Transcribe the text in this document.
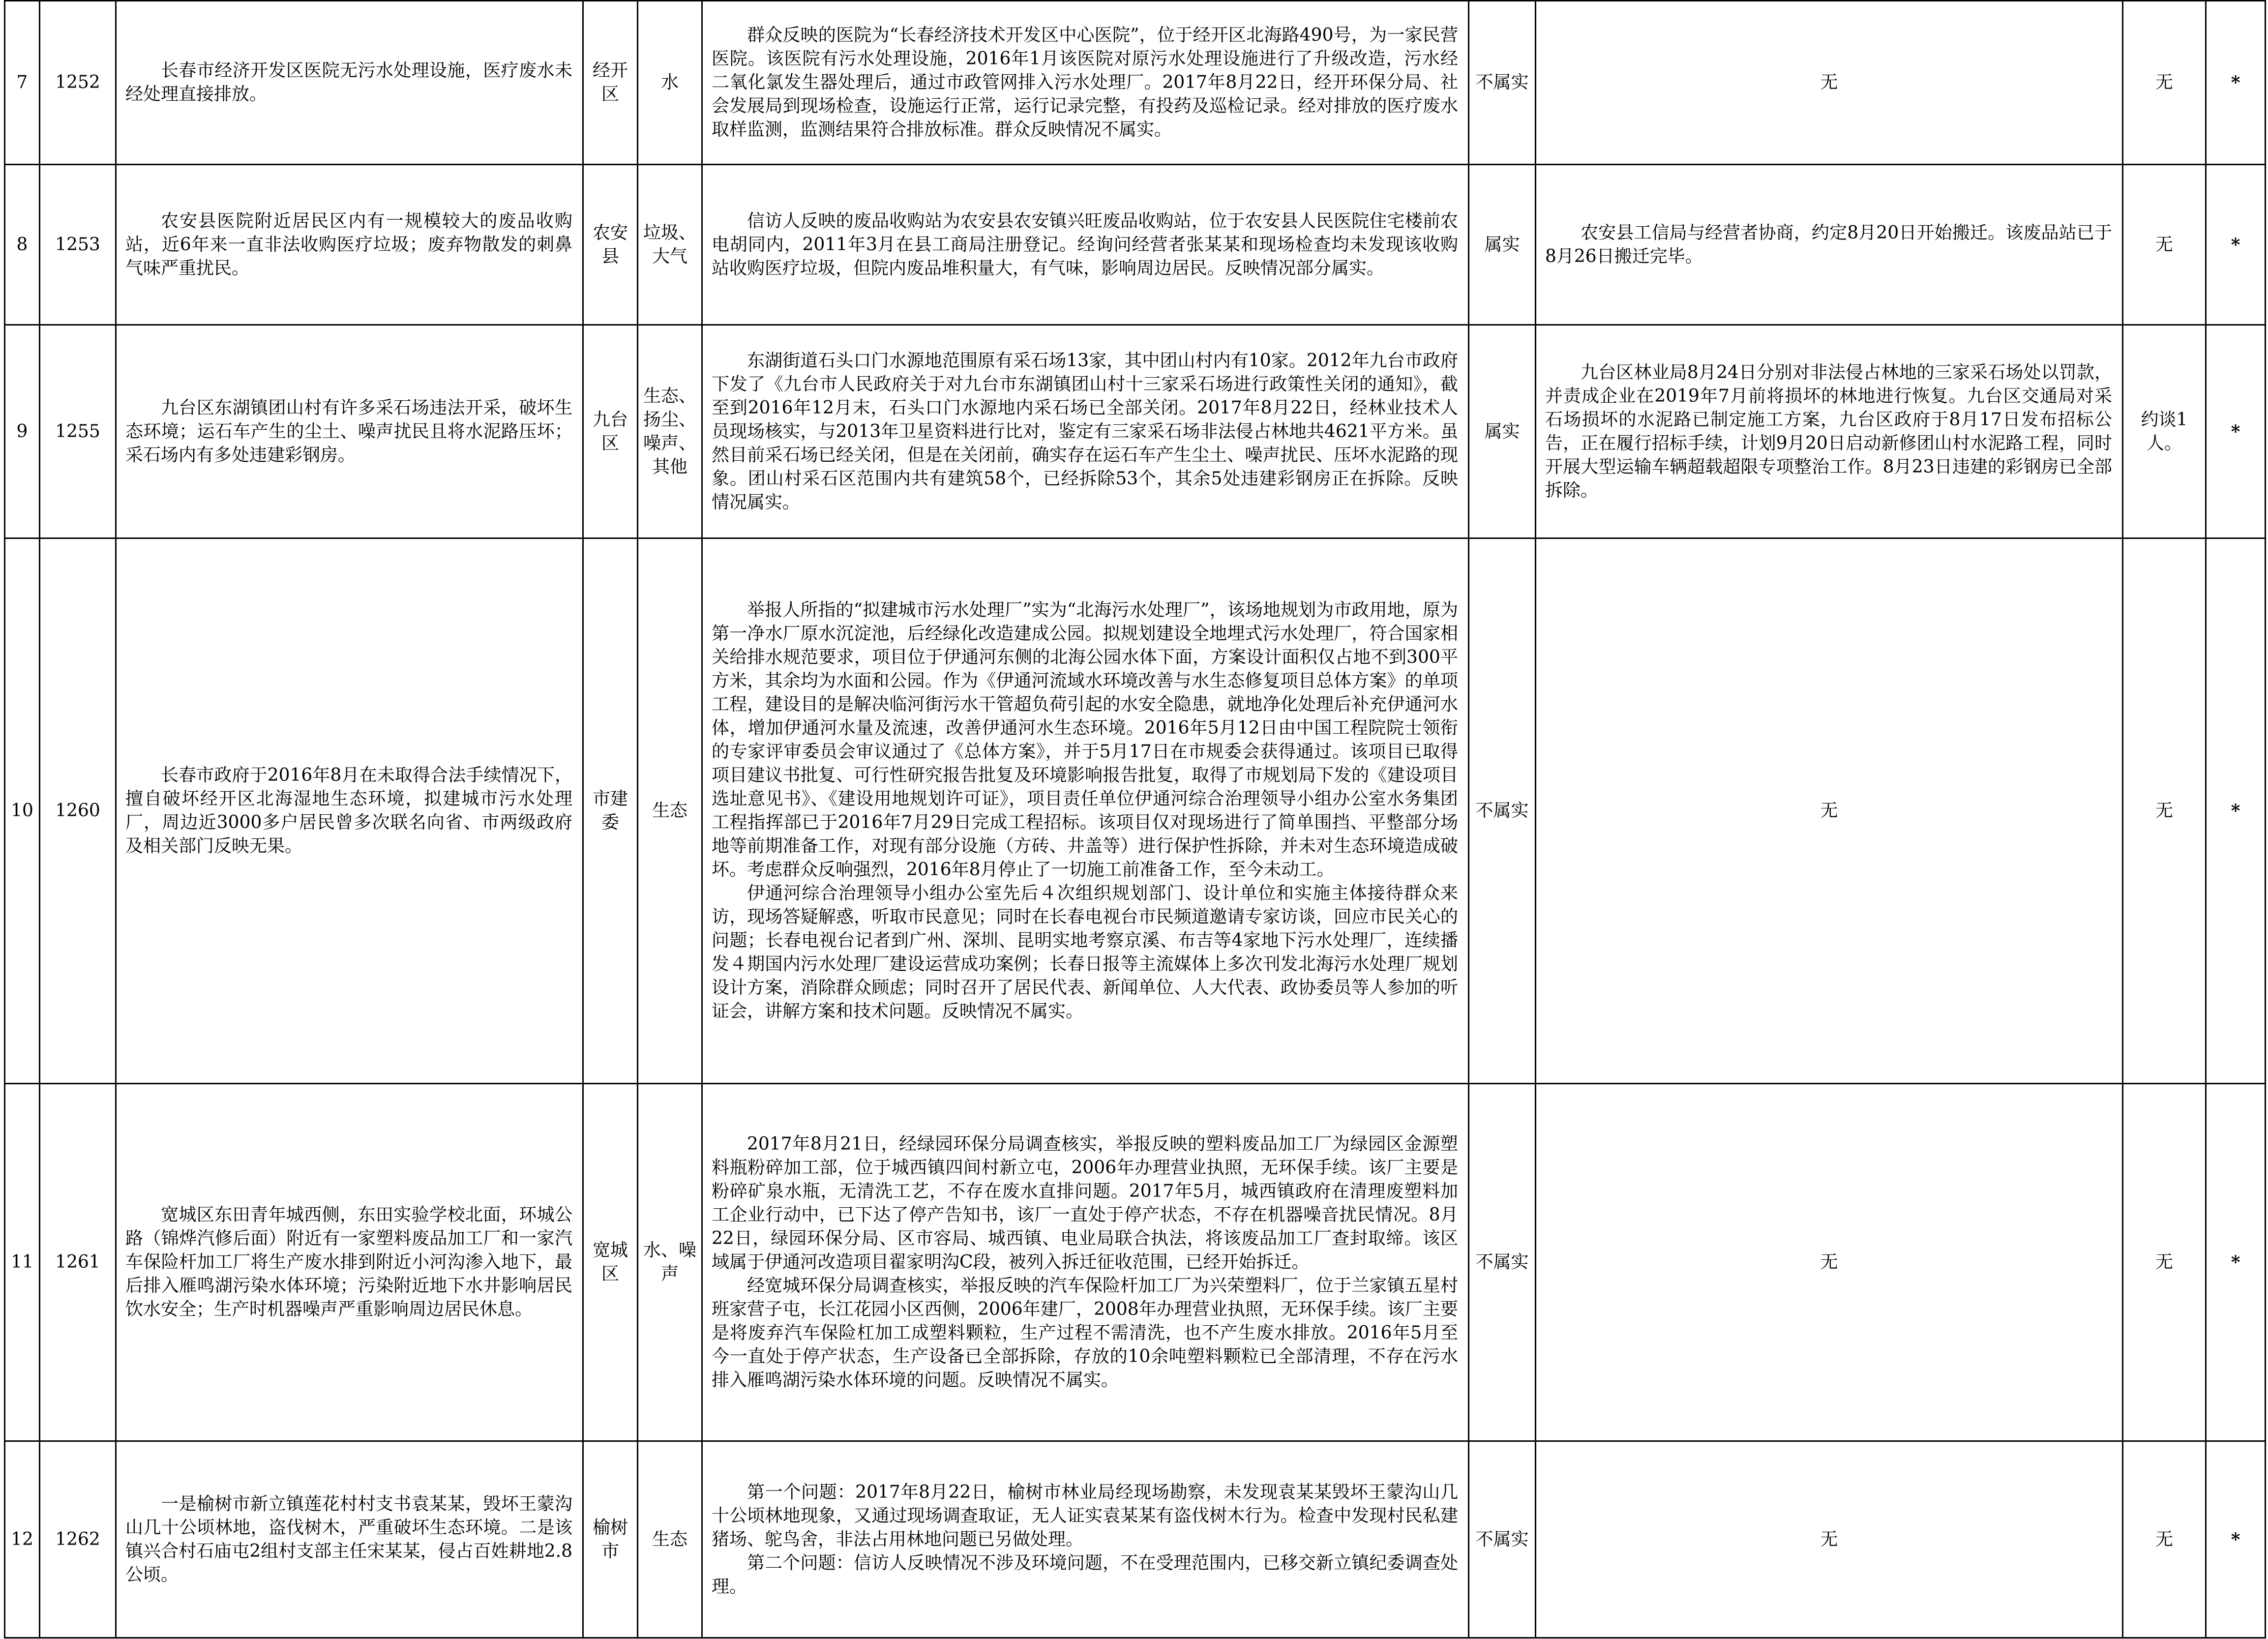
7	1252	长春市经济开发区医院无污水处理设施，医疗废水未经处理直接排放。	经开区	水	群众反映的医院为“长春经济技术开发区中心医院”，位于经开区北海路490号，为一家民营医院。该医院有污水处理设施，2016年1月该医院对原污水处理设施进行了升级改造，污水经二氧化氯发生器处理后，通过市政管网排入污水处理厂。2017年8月22日，经开环保分局、社会发展局到现场检查，设施运行正常，运行记录完整，有投药及巡检记录。经对排放的医疗废水取样监测，监测结果符合排放标准。群众反映情况不属实。	不属实	无	无	*
8	1253	农安县医院附近居民区内有一规模较大的废品收购站，近6年来一直非法收购医疗垃圾；废弃物散发的刺鼻气味严重扰民。	农安县	垃圾、大气	信访人反映的废品收购站为农安县农安镇兴旺废品收购站，位于农安县人民医院住宅楼前农电胡同内，2011年3月在县工商局注册登记。经询问经营者张某某和现场检查均未发现该收购站收购医疗垃圾，但院内废品堆积量大，有气味，影响周边居民。反映情况部分属实。	属实	农安县工信局与经营者协商，约定8月20日开始搬迁。该废品站已于8月26日搬迁完毕。	无	*
9	1255	九台区东湖镇团山村有许多采石场违法开采，破坏生态环境；运石车产生的尘土、噪声扰民且将水泥路压坏；采石场内有多处违建彩钢房。	九台区	生态、扬尘、噪声、其他	东湖街道石头口门水源地范围原有采石场13家，其中团山村内有10家。2012年九台市政府下发了《九台市人民政府关于对九台市东湖镇团山村十三家采石场进行政策性关闭的通知》，截至到2016年12月末，石头口门水源地内采石场已全部关闭。2017年8月22日，经林业技术人员现场核实，与2013年卫星资料进行比对，鉴定有三家采石场非法侵占林地共4621平方米。虽然目前采石场已经关闭，但是在关闭前，确实存在运石车产生尘土、噪声扰民、压坏水泥路的现象。团山村采石区范围内共有建筑58个，已经拆除53个，其余5处违建彩钢房正在拆除。反映情况属实。	属实	九台区林业局8月24日分别对非法侵占林地的三家采石场处以罚款，并责成企业在2019年7月前将损坏的林地进行恢复。九台区交通局对采石场损坏的水泥路已制定施工方案，九台区政府于8月17日发布招标公告，正在履行招标手续，计划9月20日启动新修团山村水泥路工程，同时开展大型运输车辆超载超限专项整治工作。8月23日违建的彩钢房已全部拆除。	约谈1人。	*
10	1260	长春市政府于2016年8月在未取得合法手续情况下，擅自破坏经开区北海湿地生态环境，拟建城市污水处理厂，周边近3000多户居民曾多次联名向省、市两级政府及相关部门反映无果。	市建委	生态	举报人所指的“拟建城市污水处理厂”实为“北海污水处理厂”，该场地规划为市政用地，原为第一净水厂原水沉淀池，后经绿化改造建成公园。拟规划建设全地埋式污水处理厂，符合国家相关给排水规范要求，项目位于伊通河东侧的北海公园水体下面，方案设计面积仅占地不到300平方米，其余均为水面和公园。作为《伊通河流域水环境改善与水生态修复项目总体方案》的单项工程，建设目的是解决临河街污水干管超负荷引起的水安全隐患，就地净化处理后补充伊通河水体，增加伊通河水量及流速，改善伊通河水生态环境。2016年5月12日由中国工程院院士领衔的专家评审委员会审议通过了《总体方案》，并于5月17日在市规委会获得通过。该项目已取得项目建议书批复、可行性研究报告批复及环境影响报告批复，取得了市规划局下发的《建设项目选址意见书》、《建设用地规划许可证》，项目责任单位伊通河综合治理领导小组办公室水务集团工程指挥部已于2016年7月29日完成工程招标。该项目仅对现场进行了简单围挡、平整部分场地等前期准备工作，对现有部分设施（方砖、井盖等）进行保护性拆除，并未对生态环境造成破坏。考虑群众反响强烈，2016年8月停止了一切施工前准备工作，至今未动工。

伊通河综合治理领导小组办公室先后４次组织规划部门、设计单位和实施主体接待群众来访，现场答疑解惑，听取市民意见；同时在长春电视台市民频道邀请专家访谈，回应市民关心的问题；长春电视台记者到广州、深圳、昆明实地考察京溪、布吉等4家地下污水处理厂，连续播发４期国内污水处理厂建设运营成功案例；长春日报等主流媒体上多次刊发北海污水处理厂规划设计方案，消除群众顾虑；同时召开了居民代表、新闻单位、人大代表、政协委员等人参加的听证会，讲解方案和技术问题。反映情况不属实。	不属实	无	无	*
11	1261	宽城区东田青年城西侧，东田实验学校北面，环城公路（锦烨汽修后面）附近有一家塑料废品加工厂和一家汽车保险杆加工厂将生产废水排到附近小河沟渗入地下，最后排入雁鸣湖污染水体环境；污染附近地下水井影响居民饮水安全；生产时机器噪声严重影响周边居民休息。	宽城区	水、噪声	2017年8月21日，经绿园环保分局调查核实，举报反映的塑料废品加工厂为绿园区金源塑料瓶粉碎加工部，位于城西镇四间村新立屯，2006年办理营业执照，无环保手续。该厂主要是粉碎矿泉水瓶，无清洗工艺，不存在废水直排问题。2017年5月，城西镇政府在清理废塑料加工企业行动中，已下达了停产告知书，该厂一直处于停产状态，不存在机器噪音扰民情况。8月22日，绿园环保分局、区市容局、城西镇、电业局联合执法，将该废品加工厂查封取缔。该区域属于伊通河改造项目翟家明沟C段，被列入拆迁征收范围，已经开始拆迁。

经宽城环保分局调查核实，举报反映的汽车保险杆加工厂为兴荣塑料厂，位于兰家镇五星村班家营子屯，长江花园小区西侧，2006年建厂，2008年办理营业执照，无环保手续。该厂主要是将废弃汽车保险杠加工成塑料颗粒，生产过程不需清洗，也不产生废水排放。2016年5月至今一直处于停产状态，生产设备已全部拆除，存放的10余吨塑料颗粒已全部清理，不存在污水排入雁鸣湖污染水体环境的问题。反映情况不属实。	不属实	无	无	*
12	1262	一是榆树市新立镇莲花村村支书袁某某，毁坏王蒙沟山几十公顷林地，盗伐树木，严重破坏生态环境。二是该镇兴合村石庙屯2组村支部主任宋某某，侵占百姓耕地2.8公顷。	榆树市	生态	第一个问题：2017年8月22日，榆树市林业局经现场勘察，未发现袁某某毁坏王蒙沟山几十公顷林地现象，又通过现场调查取证，无人证实袁某某有盗伐树木行为。检查中发现村民私建猪场、鸵鸟舍，非法占用林地问题已另做处理。

第二个问题：信访人反映情况不涉及环境问题，不在受理范围内，已移交新立镇纪委调查处理。	不属实	无	无	*
